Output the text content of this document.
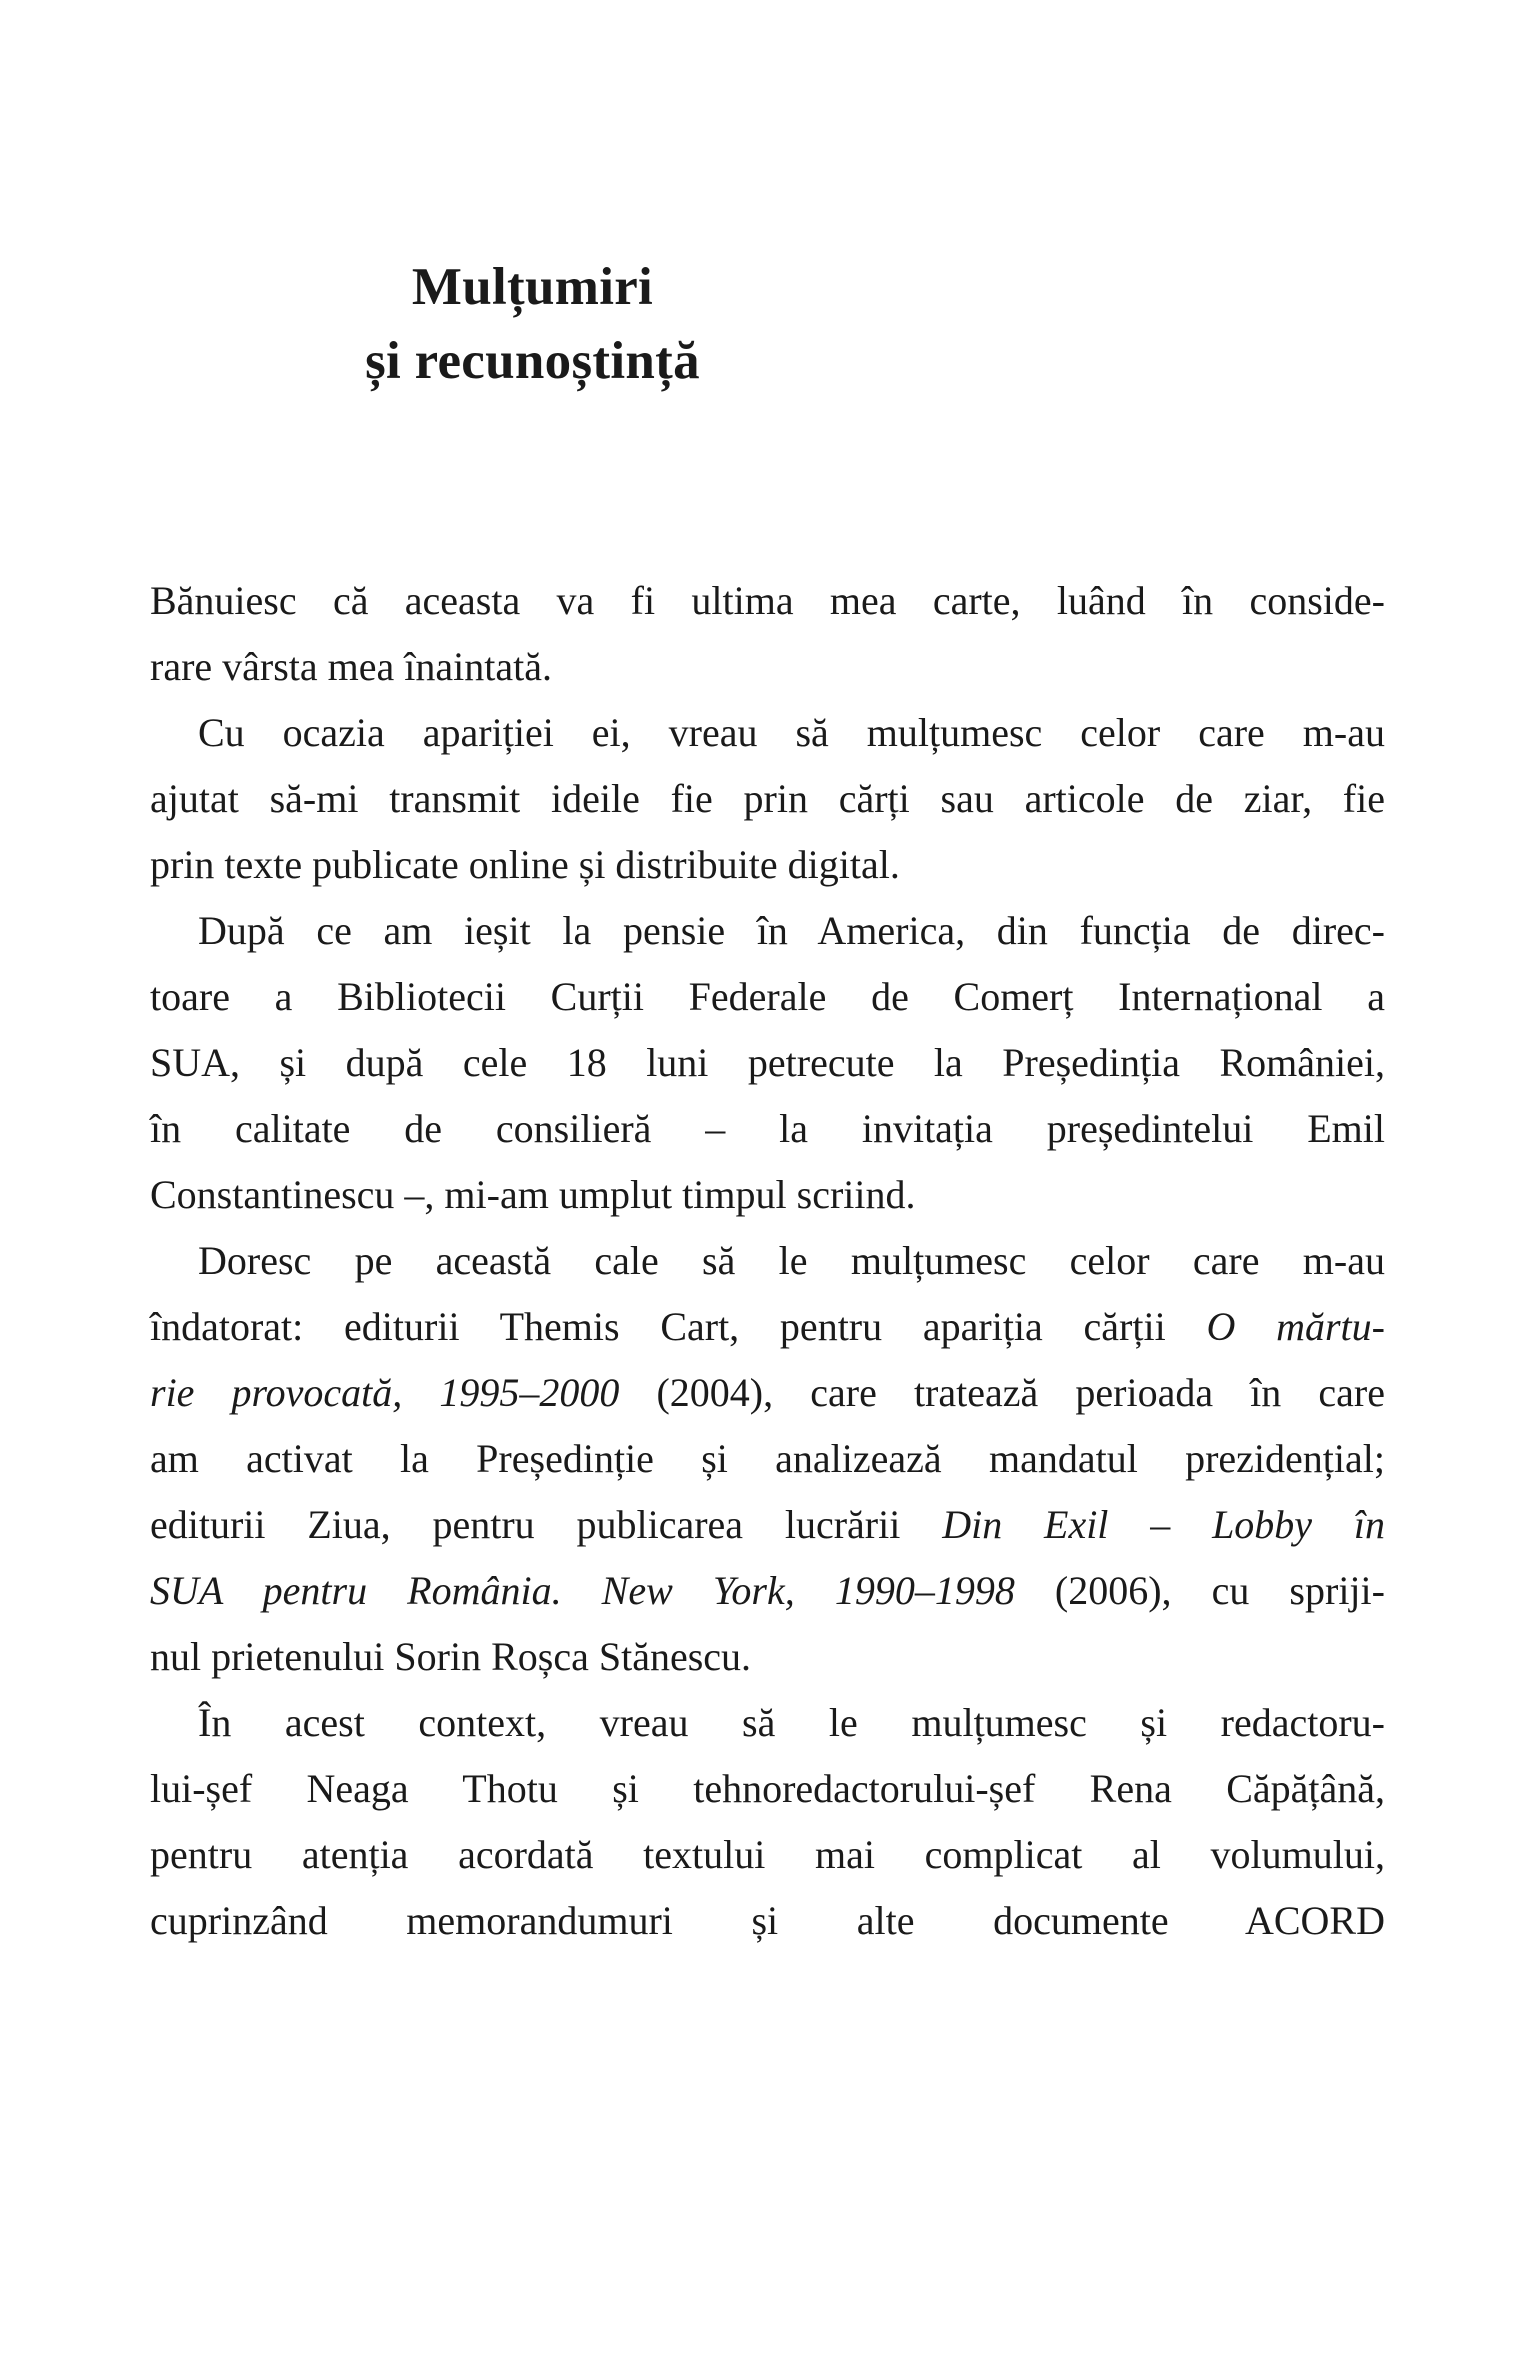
Mulțumiri
și recunoștință

Bănuiesc că aceasta va fi ultima mea carte, luând în conside-
rare vârsta mea înaintată.

Cu ocazia apariției ei, vreau să mulțumesc celor care m-au
ajutat să-mi transmit ideile fie prin cărți sau articole de ziar, fie
prin texte publicate online și distribuite digital.

După ce am ieșit la pensie în America, din funcția de direc-
toare a Bibliotecii Curții Federale de Comerț Internațional a
SUA, și după cele 18 luni petrecute la Președinția României,
în calitate de consilieră – la invitația președintelui Emil
Constantinescu –, mi-am umplut timpul scriind.

Doresc pe această cale să le mulțumesc celor care m-au
îndatorat: editurii Themis Cart, pentru apariția cărții O mărtu-
rie provocată, 1995–2000 (2004), care tratează perioada în care
am activat la Președinție și analizează mandatul prezidențial;
editurii Ziua, pentru publicarea lucrării Din Exil – Lobby în
SUA pentru România. New York, 1990–1998 (2006), cu spriji-
nul prietenului Sorin Roșca Stănescu.

În acest context, vreau să le mulțumesc și redactoru-
lui-șef Neaga Thotu și tehnoredactorului-șef Rena Căpățână,
pentru atenția acordată textului mai complicat al volumului,
cuprinzând memorandumuri și alte documente ACORD
